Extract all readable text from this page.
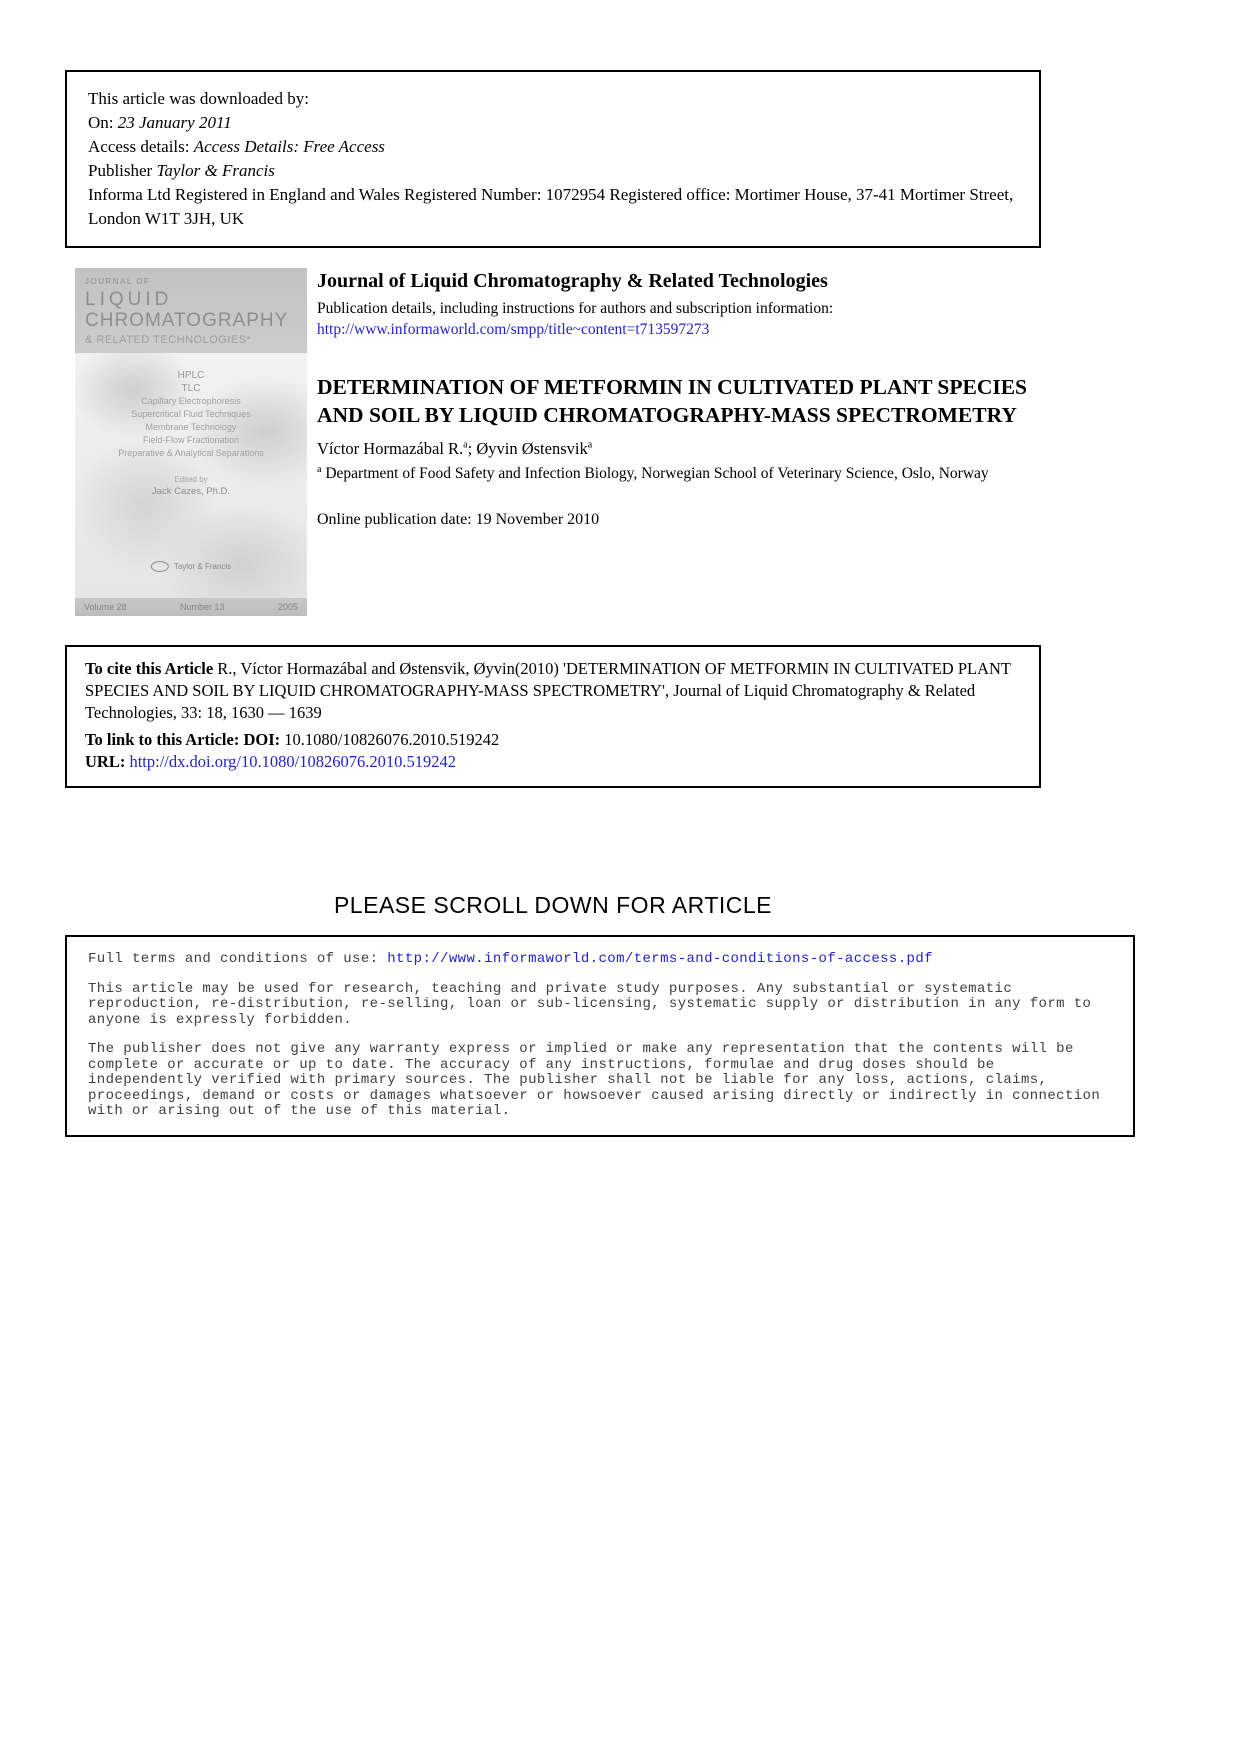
This article was downloaded by:
On: 23 January 2011
Access details: Access Details: Free Access
Publisher Taylor & Francis
Informa Ltd Registered in England and Wales Registered Number: 1072954 Registered office: Mortimer House, 37-41 Mortimer Street, London W1T 3JH, UK
JOURNAL OF
LIQUID
CHROMATOGRAPHY
& RELATED TECHNOLOGIES*
HPLC
TLC
Capillary Electrophoresis
Supercritical Fluid Techniques
Membrane Technology
Field-Flow Fractionation
Preparative & Analytical Separations
Edited by
Jack Cazes, Ph.D.
Taylor & Francis
Volume 28	Number 13	2005
Journal of Liquid Chromatography & Related Technologies
Publication details, including instructions for authors and subscription information:
http://www.informaworld.com/smpp/title~content=t713597273
DETERMINATION OF METFORMIN IN CULTIVATED PLANT SPECIES AND SOIL BY LIQUID CHROMATOGRAPHY-MASS SPECTROMETRY
Víctor Hormazábal R.$^a$; Øyvin Østensvik$^a$
$^a$ Department of Food Safety and Infection Biology, Norwegian School of Veterinary Science, Oslo, Norway
Online publication date: 19 November 2010
To cite this Article R., Víctor Hormazábal and Østensvik, Øyvin(2010) 'DETERMINATION OF METFORMIN IN CULTIVATED PLANT SPECIES AND SOIL BY LIQUID CHROMATOGRAPHY-MASS SPECTROMETRY', Journal of Liquid Chromatography & Related Technologies, 33: 18, 1630 — 1639
To link to this Article: DOI: 10.1080/10826076.2010.519242
URL: http://dx.doi.org/10.1080/10826076.2010.519242
PLEASE SCROLL DOWN FOR ARTICLE

Full terms and conditions of use: http://www.informaworld.com/terms-and-conditions-of-access.pdf

This article may be used for research, teaching and private study purposes. Any substantial or systematic reproduction, re-distribution, re-selling, loan or sub-licensing, systematic supply or distribution in any form to anyone is expressly forbidden.

The publisher does not give any warranty express or implied or make any representation that the contents will be complete or accurate or up to date. The accuracy of any instructions, formulae and drug doses should be independently verified with primary sources. The publisher shall not be liable for any loss, actions, claims, proceedings, demand or costs or damages whatsoever or howsoever caused arising directly or indirectly in connection with or arising out of the use of this material.
